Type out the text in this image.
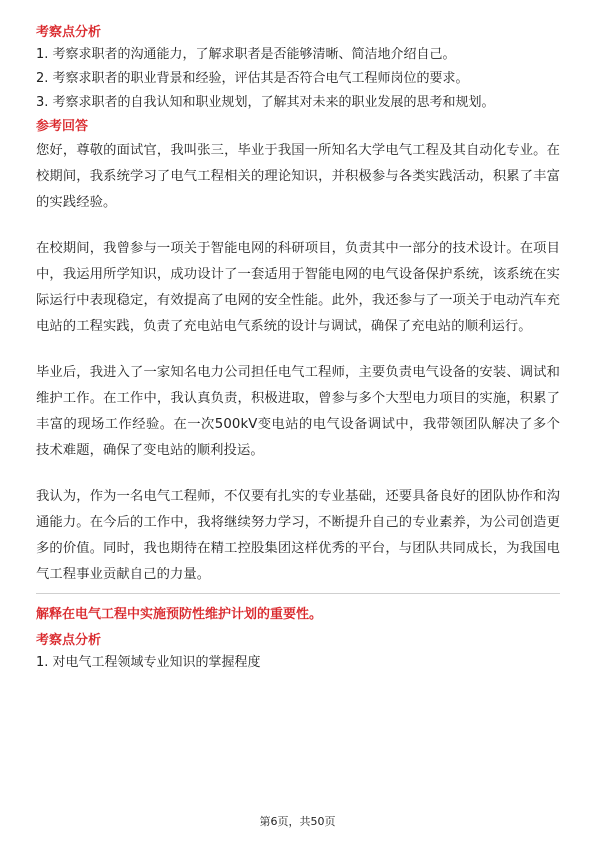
考察点分析
1. 考察求职者的沟通能力，了解求职者是否能够清晰、简洁地介绍自己。
2. 考察求职者的职业背景和经验，评估其是否符合电气工程师岗位的要求。
3. 考察求职者的自我认知和职业规划，了解其对未来的职业发展的思考和规划。
参考回答

您好，尊敬的面试官，我叫张三，毕业于我国一所知名大学电气工程及其自动化专业。在校期间，我系统学习了电气工程相关的理论知识，并积极参与各类实践活动，积累了丰富的实践经验。

在校期间，我曾参与一项关于智能电网的科研项目，负责其中一部分的技术设计。在项目中，我运用所学知识，成功设计了一套适用于智能电网的电气设备保护系统，该系统在实际运行中表现稳定，有效提高了电网的安全性能。此外，我还参与了一项关于电动汽车充电站的工程实践，负责了充电站电气系统的设计与调试，确保了充电站的顺利运行。

毕业后，我进入了一家知名电力公司担任电气工程师，主要负责电气设备的安装、调试和维护工作。在工作中，我认真负责，积极进取，曾参与多个大型电力项目的实施，积累了丰富的现场工作经验。在一次500kV变电站的电气设备调试中，我带领团队解决了多个技术难题，确保了变电站的顺利投运。

我认为，作为一名电气工程师，不仅要有扎实的专业基础，还要具备良好的团队协作和沟通能力。在今后的工作中，我将继续努力学习，不断提升自己的专业素养，为公司创造更多的价值。同时，我也期待在精工控股集团这样优秀的平台，与团队共同成长，为我国电气工程事业贡献自己的力量。

解释在电气工程中实施预防性维护计划的重要性。
考察点分析
1. 对电气工程领域专业知识的掌握程度
第6页，共50页
